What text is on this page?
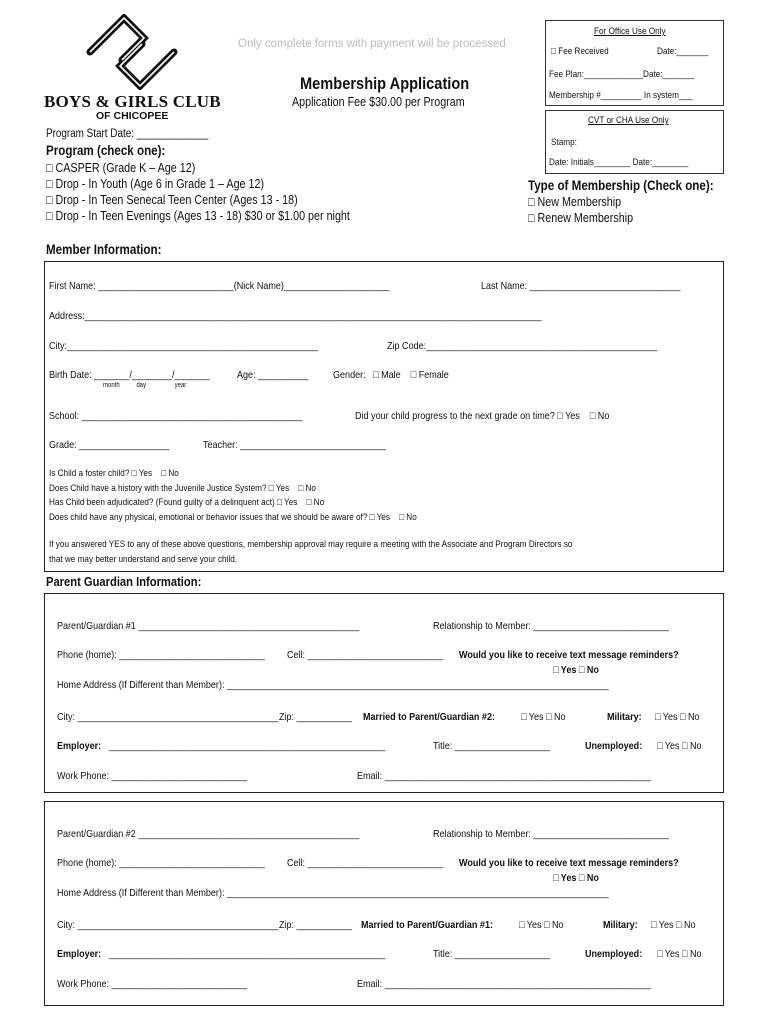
BOYS & GIRLS CLUB
OF CHICOPEE
Only complete forms with payment will be processed
Membership Application
Application Fee $30.00 per Program
For Office Use Only
□ Fee Received	Date:_______
Fee Plan:_____________Date:_______
Membership #_________ In system___
CVT or CHA Use Only
Stamp:
Date: Initials________ Date:________
Program Start Date: _____________
Program (check one):
□ CASPER (Grade K – Age 12)
□ Drop - In Youth (Age 6 in Grade 1 – Age 12)
□ Drop - In Teen Senecal Teen Center (Ages 13 - 18)
□ Drop - In Teen Evenings (Ages 13 - 18) $30 or $1.00 per night
Type of Membership (Check one):
□ New Membership
□ Renew Membership
Member Information:
First Name: ___________________________(Nick Name)_____________________	Last Name: ______________________________
Address:___________________________________________________________________________________________
City:__________________________________________________	Zip Code:______________________________________________
Birth Date: _______/________/_______
month          day                 year
Age: __________ Gender:   □ Male    □ Female
School: ____________________________________________	Did your child progress to the next grade on time? □ Yes    □ No
Grade: __________________	Teacher: _____________________________
Is Child a foster child? □ Yes    □ No
Does Child have a history with the Juvenile Justice System? □ Yes    □ No
Has Child been adjudicated? (Found guilty of a delinquent act) □ Yes    □ No
Does child have any physical, emotional or behavior issues that we should be aware of? □ Yes    □ No
If you answered YES to any of these above questions, membership approval may require a meeting with the Associate and Program Directors so
that we may better understand and serve your child.
Parent Guardian Information:
Parent/Guardian #1 ____________________________________________	Relationship to Member: ___________________________
Phone (home): _____________________________ Cell: ___________________________ Would you like to receive text message reminders?
□ Yes □ No
Home Address (If Different than Member): ____________________________________________________________________________
City: ________________________________________ Zip: ___________ Married to Parent/Guardian #2: □ Yes □ No	Military: □ Yes □ No
Employer: _______________________________________________________	Title: ___________________	Unemployed: □ Yes □ No
Work Phone: ___________________________	Email: _____________________________________________________
Parent/Guardian #2 ____________________________________________	Relationship to Member: ___________________________
Phone (home): _____________________________ Cell: ___________________________ Would you like to receive text message reminders?
□ Yes □ No
Home Address (If Different than Member): ____________________________________________________________________________
City: ________________________________________ Zip: ___________ Married to Parent/Guardian #1: □ Yes □ No	Military: □ Yes □ No
Employer: _______________________________________________________	Title: ___________________	Unemployed: □ Yes □ No
Work Phone: ___________________________	Email: _____________________________________________________
